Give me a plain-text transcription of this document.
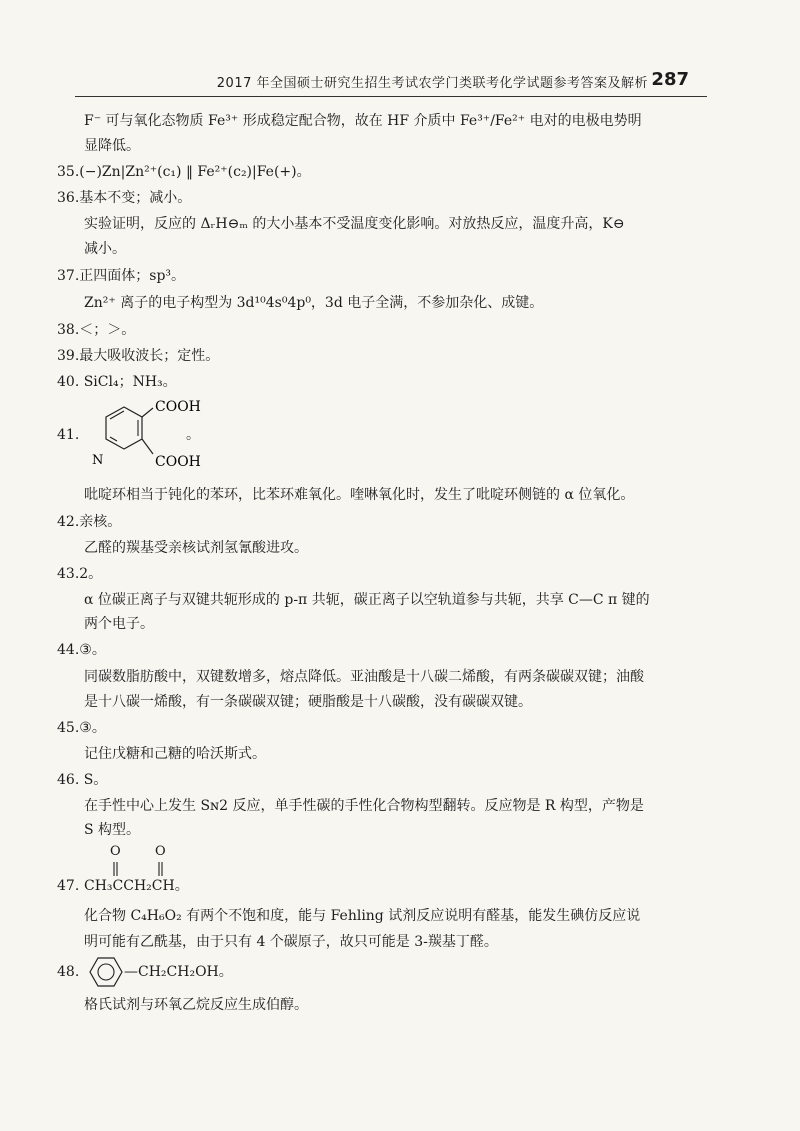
2017 年全国硕士研究生招生考试农学门类联考化学试题参考答案及解析 287
F⁻ 可与氧化态物质 Fe³⁺ 形成稳定配合物，故在 HF 介质中 Fe³⁺/Fe²⁺ 电对的电极电势明
显降低。
35.(−)Zn|Zn²⁺(c₁) ‖ Fe²⁺(c₂)|Fe(+)。
36.基本不变；减小。
实验证明，反应的 ΔᵣH⊖ₘ 的大小基本不受温度变化影响。对放热反应，温度升高，K⊖
减小。
37.正四面体；sp³。
Zn²⁺ 离子的电子构型为 3d¹⁰4s⁰4p⁰，3d 电子全满，不参加杂化、成键。
38.＜；＞。
39.最大吸收波长；定性。
40. SiCl₄；NH₃。
41.
COOH
COOH
N
。
吡啶环相当于钝化的苯环，比苯环难氧化。喹啉氧化时，发生了吡啶环侧链的 α 位氧化。
42.亲核。
乙醛的羰基受亲核试剂氢氰酸进攻。
43.2。
α 位碳正离子与双键共轭形成的 p-π 共轭，碳正离子以空轨道参与共轭，共享 C—C π 键的
两个电子。
44.③。
同碳数脂肪酸中，双键数增多，熔点降低。亚油酸是十八碳二烯酸，有两条碳碳双键；油酸
是十八碳一烯酸，有一条碳碳双键；硬脂酸是十八碳酸，没有碳碳双键。
45.③。
记住戊糖和己糖的哈沃斯式。
46. S。
在手性中心上发生 Sɴ2 反应，单手性碳的手性化合物构型翻转。反应物是 R 构型，产物是
S 构型。
O	O
47. CH₃CCH₂CH。
化合物 C₄H₆O₂ 有两个不饱和度，能与 Fehling 试剂反应说明有醛基，能发生碘仿反应说
明可能有乙酰基，由于只有 4 个碳原子，故只可能是 3-羰基丁醛。
48.	—CH₂CH₂OH。
格氏试剂与环氧乙烷反应生成伯醇。
